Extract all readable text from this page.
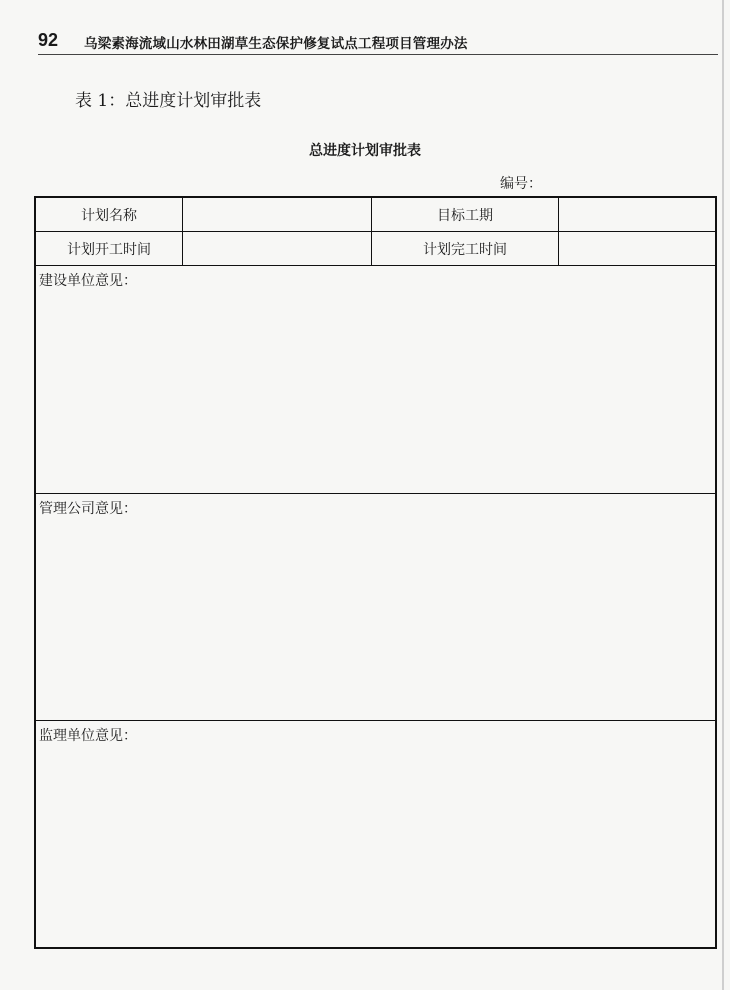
92 乌梁素海流域山水林田湖草生态保护修复试点工程项目管理办法
表 1：总进度计划审批表
总进度计划审批表
编号：
计划名称	目标工期
计划开工时间	计划完工时间
建设单位意见：
管理公司意见：
监理单位意见：
